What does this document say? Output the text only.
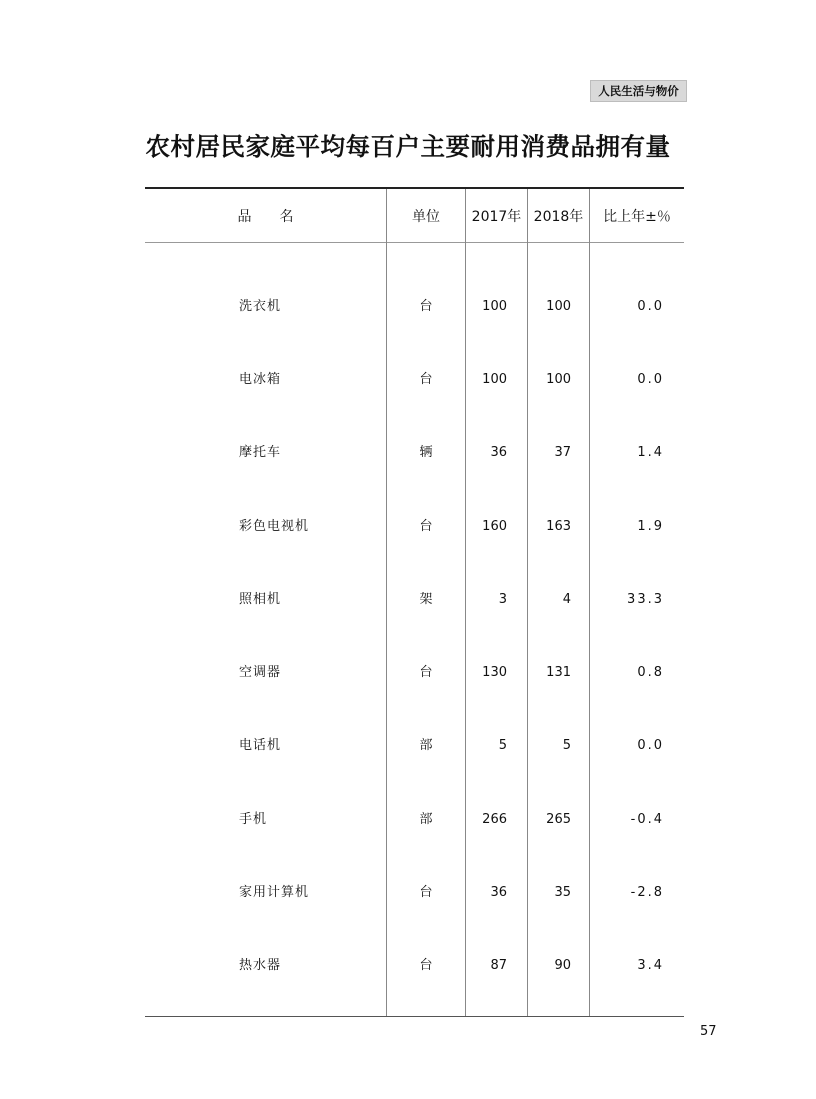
人民生活与物价
农村居民家庭平均每百户主要耐用消费品拥有量
品　　名	单位	2017年 2018年	比上年±％
洗衣机	台	100	100	0.0
电冰箱	台	100	100	0.0
摩托车	辆	36	37	1.4
彩色电视机	台	160	163	1.9
照相机	架	3	4	33.3
空调器	台	130	131	0.8
电话机	部	5	5	0.0
手机	部	266	265	-0.4
家用计算机	台	36	35	-2.8
热水器	台	87	90	3.4
57
